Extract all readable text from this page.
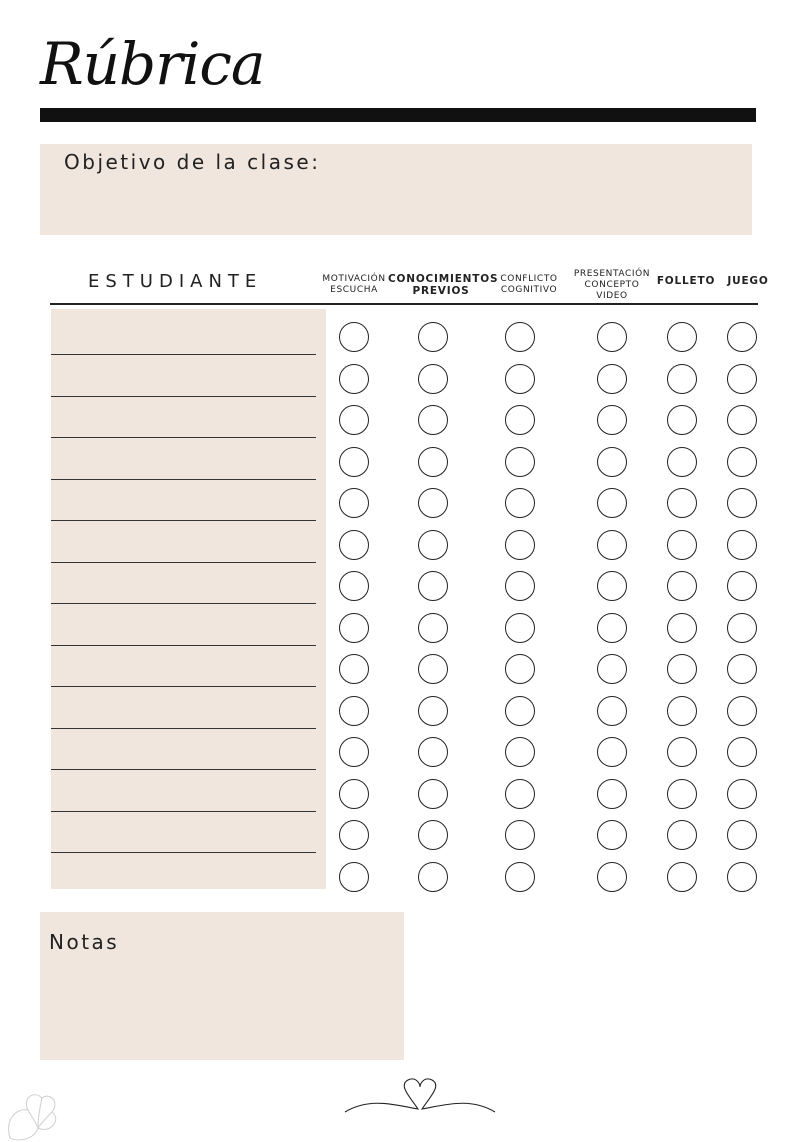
Rúbrica
Objetivo de la clase:
ESTUDIANTE	MOTIVACIÓN
ESCUCHA
CONOCIMIENTOS
PREVIOS
CONFLICTO
COGNITIVO
PRESENTACIÓN
CONCEPTO
VIDEO
FOLLETO	JUEGO
Notas
